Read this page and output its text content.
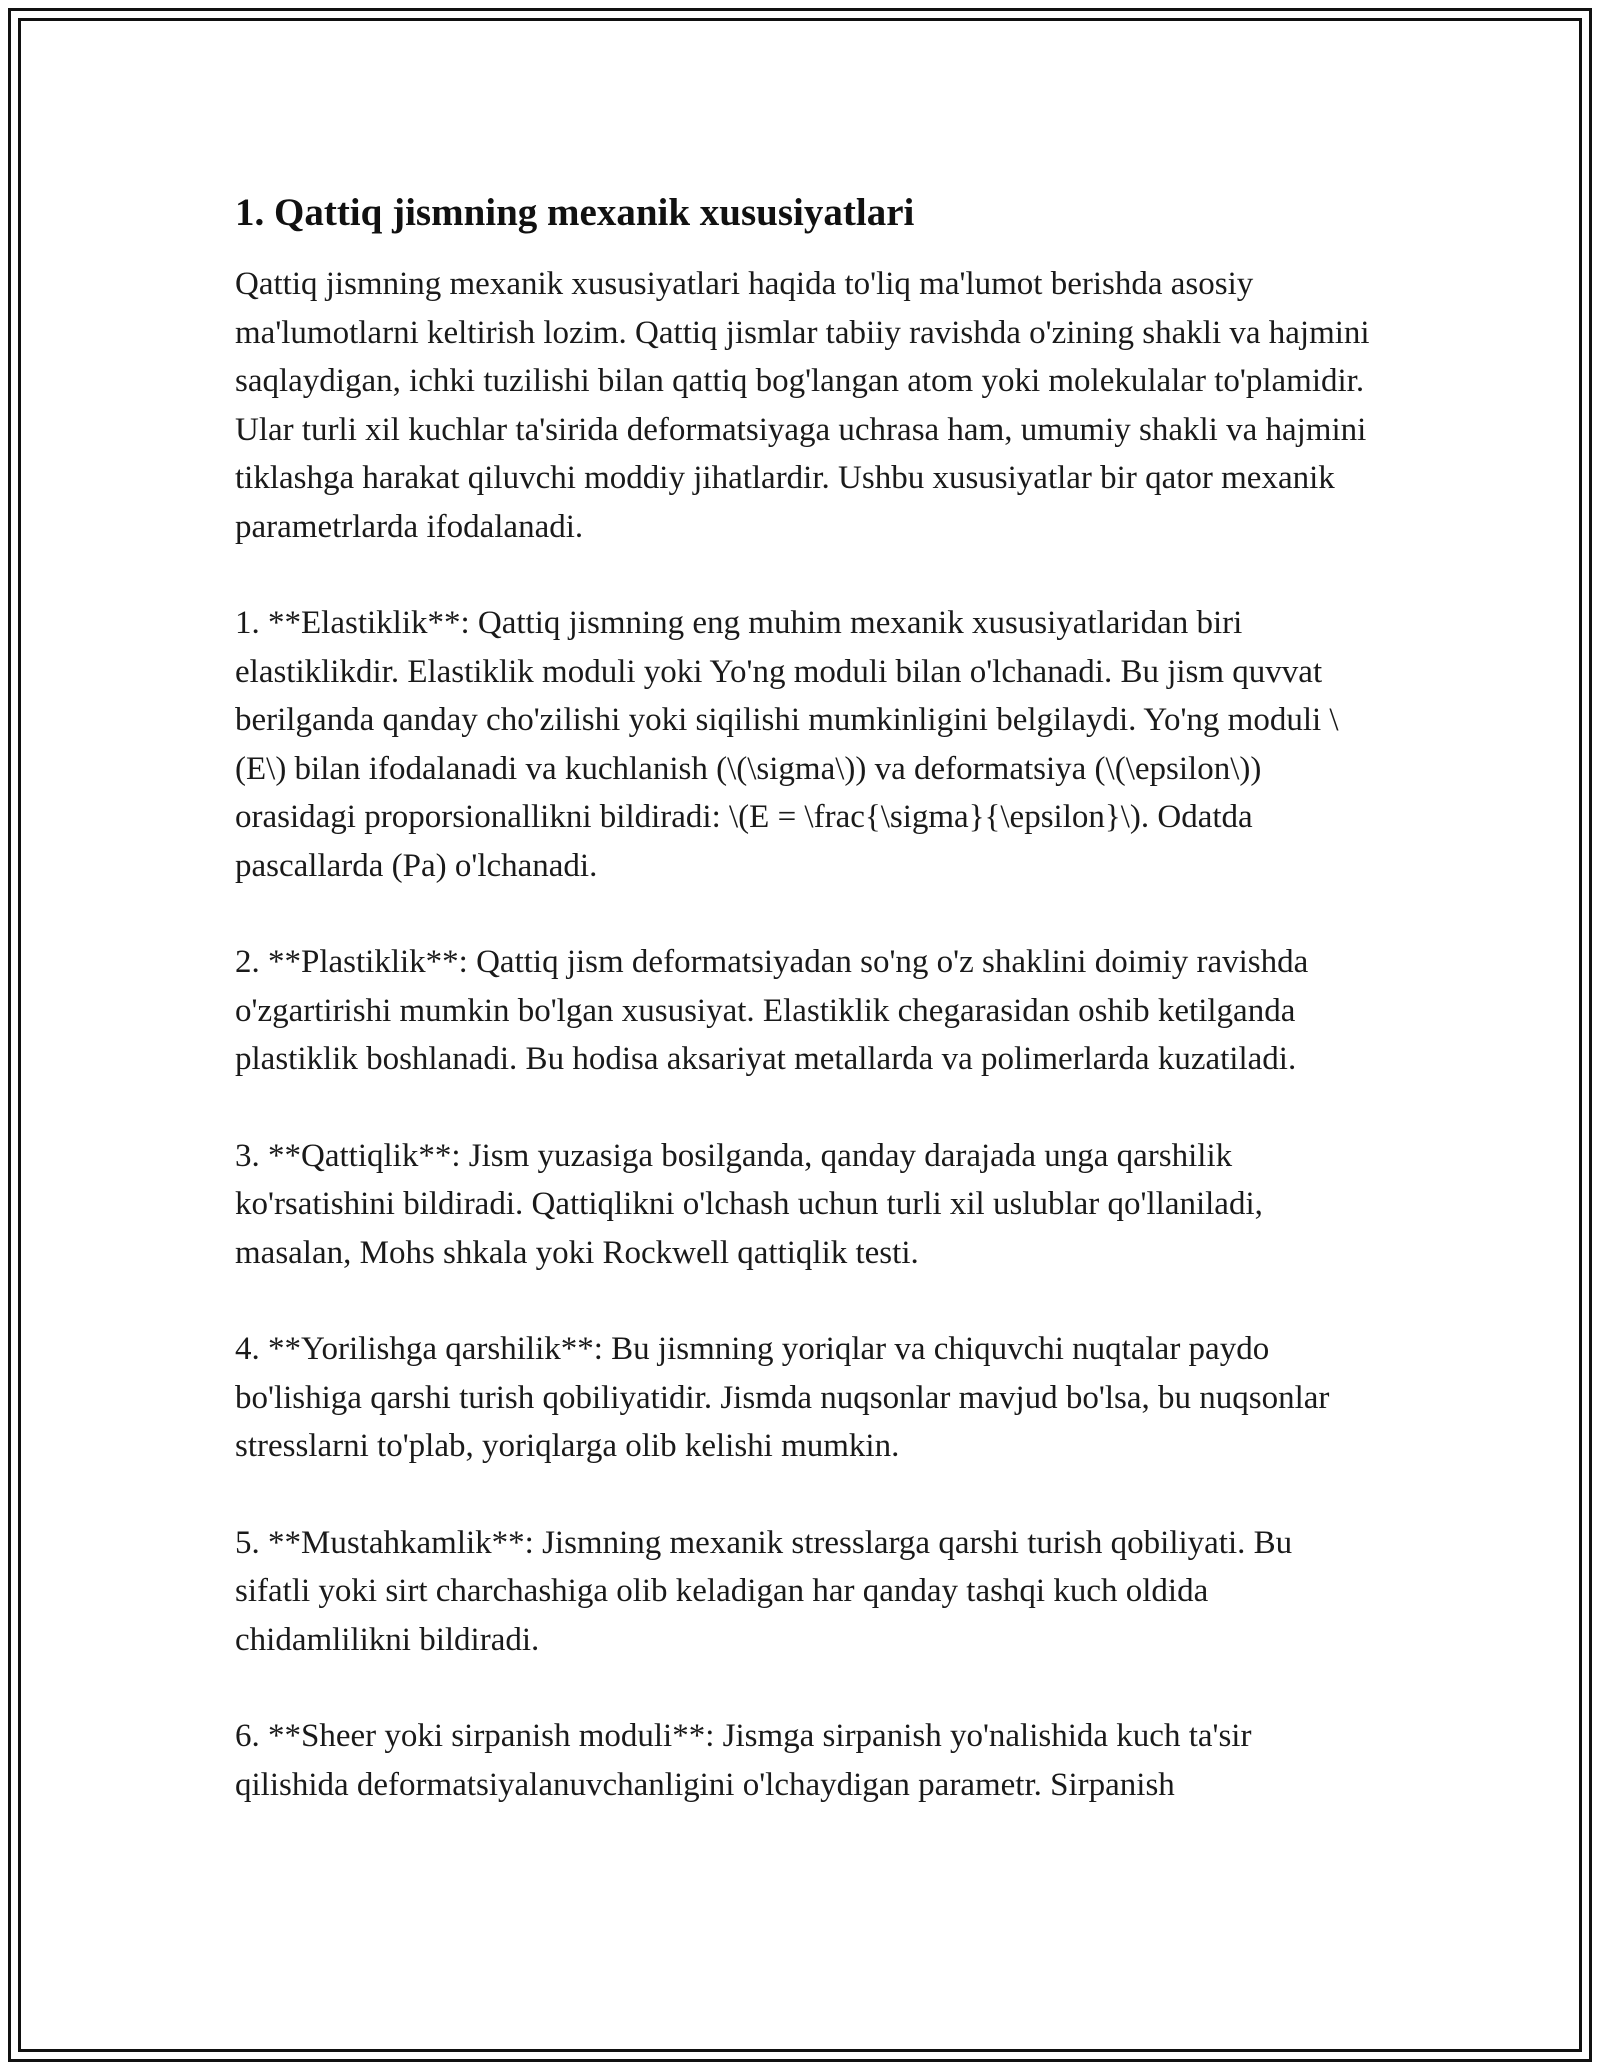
1. Qattiq jismning mexanik xususiyatlari

Qattiq jismning mexanik xususiyatlari haqida to'liq ma'lumot berishda asosiy ma'lumotlarni keltirish lozim. Qattiq jismlar tabiiy ravishda o'zining shakli va hajmini saqlaydigan, ichki tuzilishi bilan qattiq bog'langan atom yoki molekulalar to'plamidir. Ular turli xil kuchlar ta'sirida deformatsiyaga uchrasa ham, umumiy shakli va hajmini tiklashga harakat qiluvchi moddiy jihatlardir. Ushbu xususiyatlar bir qator mexanik parametrlarda ifodalanadi.

1. **Elastiklik**: Qattiq jismning eng muhim mexanik xususiyatlaridan biri elastiklikdir. Elastiklik moduli yoki Yo'ng moduli bilan o'lchanadi. Bu jism quvvat berilganda qanday cho'zilishi yoki siqilishi mumkinligini belgilaydi. Yo'ng moduli \(E\) bilan ifodalanadi va kuchlanish (\(\sigma\)) va deformatsiya (\(\epsilon\)) orasidagi proporsionallikni bildiradi: \(E = \frac{\sigma}{\epsilon}\). Odatda pascallarda (Pa) o'lchanadi.

2. **Plastiklik**: Qattiq jism deformatsiyadan so'ng o'z shaklini doimiy ravishda o'zgartirishi mumkin bo'lgan xususiyat. Elastiklik chegarasidan oshib ketilganda plastiklik boshlanadi. Bu hodisa aksariyat metallarda va polimerlarda kuzatiladi.

3. **Qattiqlik**: Jism yuzasiga bosilganda, qanday darajada unga qarshilik ko'rsatishini bildiradi. Qattiqlikni o'lchash uchun turli xil uslublar qo'llaniladi, masalan, Mohs shkala yoki Rockwell qattiqlik testi.

4. **Yorilishga qarshilik**: Bu jismning yoriqlar va chiquvchi nuqtalar paydo bo'lishiga qarshi turish qobiliyatidir. Jismda nuqsonlar mavjud bo'lsa, bu nuqsonlar stresslarni to'plab, yoriqlarga olib kelishi mumkin.

5. **Mustahkamlik**: Jismning mexanik stresslarga qarshi turish qobiliyati. Bu sifatli yoki sirt charchashiga olib keladigan har qanday tashqi kuch oldida chidamlilikni bildiradi.

6. **Sheer yoki sirpanish moduli**: Jismga sirpanish yo'nalishida kuch ta'sir qilishida deformatsiyalanuvchanligini o'lchaydigan parametr. Sirpanish
